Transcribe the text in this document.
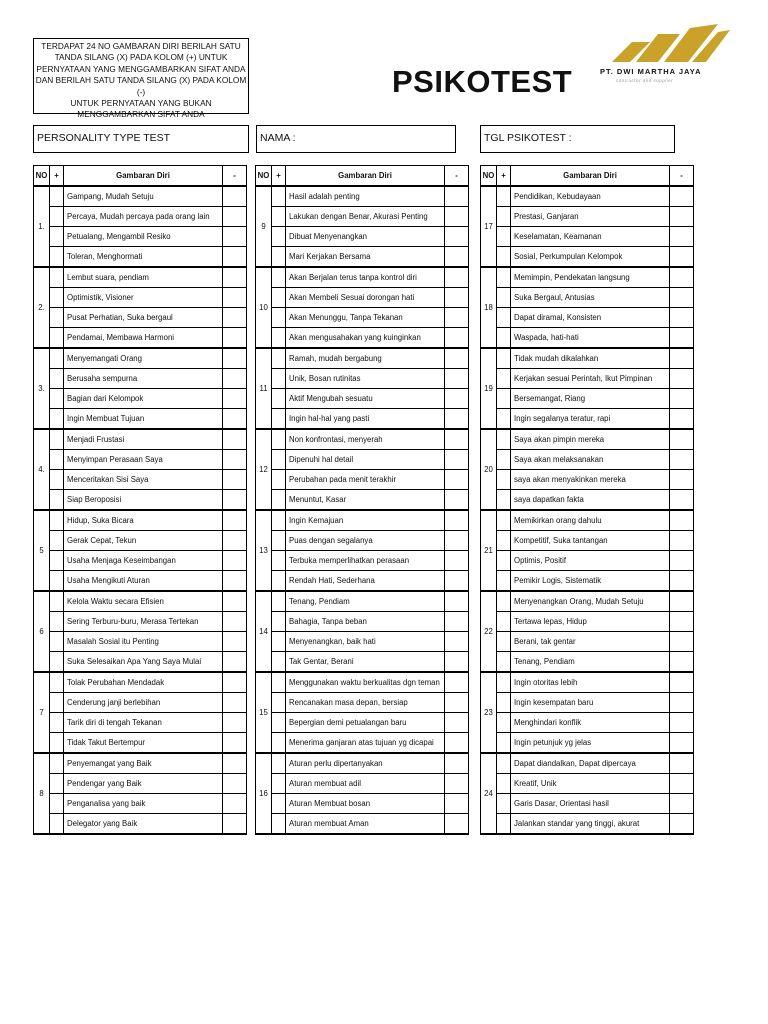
TERDAPAT 24 NO GAMBARAN DIRI BERILAH SATU
TANDA SILANG (X) PADA KOLOM (+) UNTUK
PERNYATAAN YANG MENGGAMBARKAN SIFAT ANDA
DAN BERILAH SATU TANDA SILANG (X) PADA KOLOM (-)
UNTUK PERNYATAAN YANG BUKAN
MENGGAMBARKAN SIFAT ANDA
PSIKOTEST	PT. DWI MARTHA JAYA
contractor and supplier
PERSONALITY TYPE TEST	NAMA :	TGL PSIKOTEST :
NO	+	Gambaran Diri	-
1.		Gampang, Mudah Setuju	
		Percaya, Mudah percaya pada orang lain	
		Petualang, Mengambil Resiko	
		Toleran, Menghormati	
2.		Lembut suara, pendiam	
		Optimistik, Visioner	
		Pusat Perhatian, Suka bergaul	
		Pendamai, Membawa Harmoni	
3.		Menyemangati Orang	
		Berusaha sempurna	
		Bagian dari Kelompok	
		Ingin Membuat Tujuan	
4.		Menjadi Frustasi	
		Menyimpan Perasaan Saya	
		Menceritakan Sisi Saya	
		Siap Beroposisi	
5		Hidup, Suka Bicara	
		Gerak Cepat, Tekun	
		Usaha Menjaga Keseimbangan	
		Usaha Mengikuti Aturan	
6		Kelola Waktu secara Efisien	
		Sering Terburu-buru, Merasa Tertekan	
		Masalah Sosial itu Penting	
		Suka Selesaikan Apa Yang Saya Mulai	
7		Tolak Perubahan Mendadak	
		Cenderung janji berlebihan	
		Tarik diri di tengah Tekanan	
		Tidak Takut Bertempur	
8		Penyemangat yang Baik	
		Pendengar yang Baik	
		Penganalisa yang baik	
		Delegator yang Baik	
NO	+	Gambaran Diri	-
9		Hasil adalah penting	
		Lakukan dengan Benar, Akurasi Penting	
		Dibuat Menyenangkan	
		Mari Kerjakan Bersama	
10		Akan Berjalan terus tanpa kontrol diri	
		Akan Membeli Sesuai dorongan hati	
		Akan Menunggu, Tanpa Tekanan	
		Akan mengusahakan yang kuinginkan	
11		Ramah, mudah bergabung	
		Unik, Bosan rutinitas	
		Aktif Mengubah sesuatu	
		Ingin hal-hal yang pasti	
12		Non konfrontasi, menyerah	
		Dipenuhi hal detail	
		Perubahan pada menit terakhir	
		Menuntut, Kasar	
13		Ingin Kemajuan	
		Puas dengan segalanya	
		Terbuka memperlihatkan perasaan	
		Rendah Hati, Sederhana	
14		Tenang, Pendiam	
		Bahagia, Tanpa beban	
		Menyenangkan, baik hati	
		Tak Gentar, Berani	
15		Menggunakan waktu berkualitas dgn teman	
		Rencanakan masa depan, bersiap	
		Bepergian demi petualangan baru	
		Menerima ganjaran atas tujuan yg dicapai	
16		Aturan perlu dipertanyakan	
		Aturan membuat adil	
		Aturan Membuat bosan	
		Aturan membuat Aman	
NO	+	Gambaran Diri	-
17		Pendidikan, Kebudayaan	
		Prestasi, Ganjaran	
		Keselamatan, Keamanan	
		Sosial, Perkumpulan Kelompok	
18		Memimpin, Pendekatan langsung	
		Suka Bergaul, Antusias	
		Dapat diramal, Konsisten	
		Waspada, hati-hati	
19		Tidak mudah dikalahkan	
		Kerjakan sesuai Perintah, Ikut Pimpinan	
		Bersemangat, Riang	
		Ingin segalanya teratur, rapi	
20		Saya akan pimpin mereka	
		Saya akan melaksanakan	
		saya akan menyakinkan mereka	
		saya dapatkan fakta	
21		Memikirkan orang dahulu	
		Kompetitif, Suka tantangan	
		Optimis, Positif	
		Pemikir Logis, Sistematik	
22		Menyenangkan Orang, Mudah Setuju	
		Tertawa lepas, Hidup	
		Berani, tak gentar	
		Tenang, Pendiam	
23		Ingin otoritas lebih	
		Ingin kesempatan baru	
		Menghindari konflik	
		Ingin petunjuk yg jelas	
24		Dapat diandalkan, Dapat dipercaya	
		Kreatif, Unik	
		Garis Dasar, Orientasi hasil	
		Jalankan standar yang tinggi, akurat	
